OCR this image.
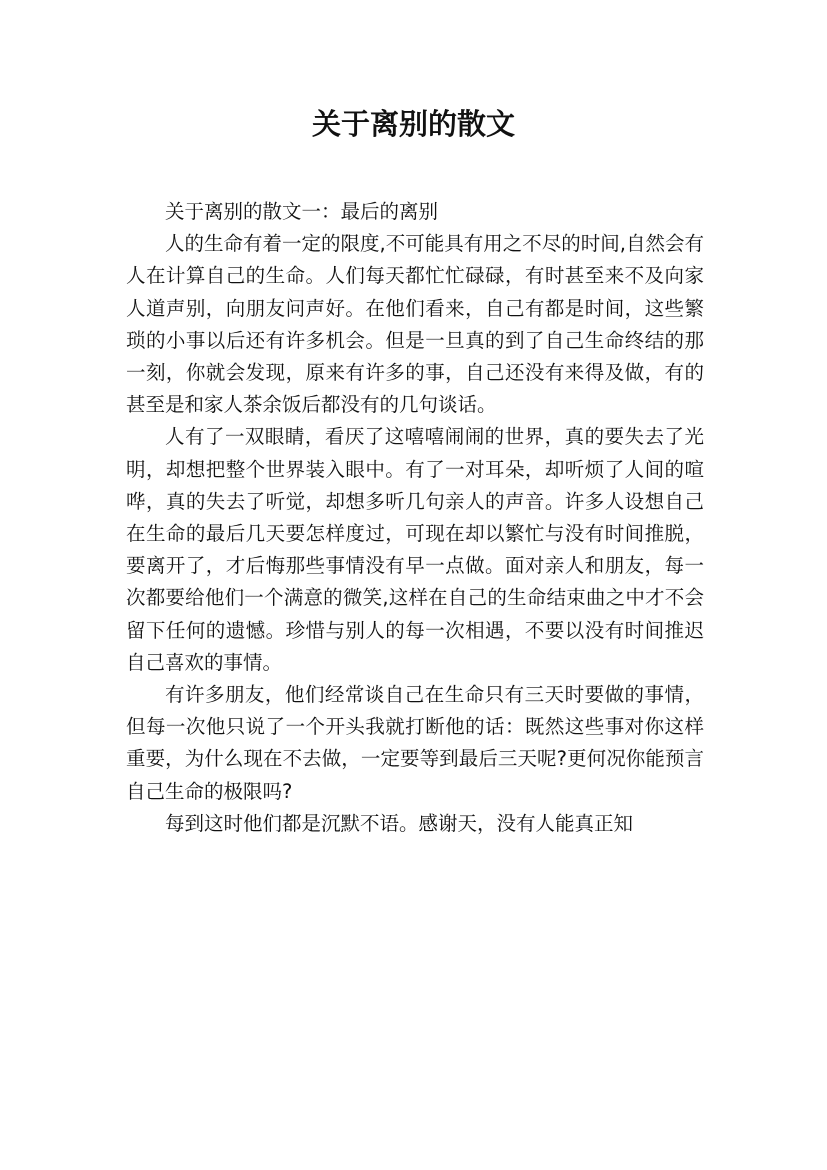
关于离别的散文

关于离别的散文一：最后的离别

人的生命有着一定的限度,不可能具有用之不尽的时间,自然会有人在计算自己的生命。人们每天都忙忙碌碌，有时甚至来不及向家人道声别，向朋友问声好。在他们看来，自己有都是时间，这些繁琐的小事以后还有许多机会。但是一旦真的到了自己生命终结的那一刻，你就会发现，原来有许多的事，自己还没有来得及做，有的甚至是和家人茶余饭后都没有的几句谈话。

人有了一双眼睛，看厌了这嘻嘻闹闹的世界，真的要失去了光明，却想把整个世界装入眼中。有了一对耳朵，却听烦了人间的喧哗，真的失去了听觉，却想多听几句亲人的声音。许多人设想自己在生命的最后几天要怎样度过，可现在却以繁忙与没有时间推脱，要离开了，才后悔那些事情没有早一点做。面对亲人和朋友，每一次都要给他们一个满意的微笑,这样在自己的生命结束曲之中才不会留下任何的遗憾。珍惜与别人的每一次相遇，不要以没有时间推迟自己喜欢的事情。

有许多朋友，他们经常谈自己在生命只有三天时要做的事情，但每一次他只说了一个开头我就打断他的话：既然这些事对你这样重要，为什么现在不去做，一定要等到最后三天呢?更何况你能预言自己生命的极限吗?

每到这时他们都是沉默不语。感谢天，没有人能真正知
